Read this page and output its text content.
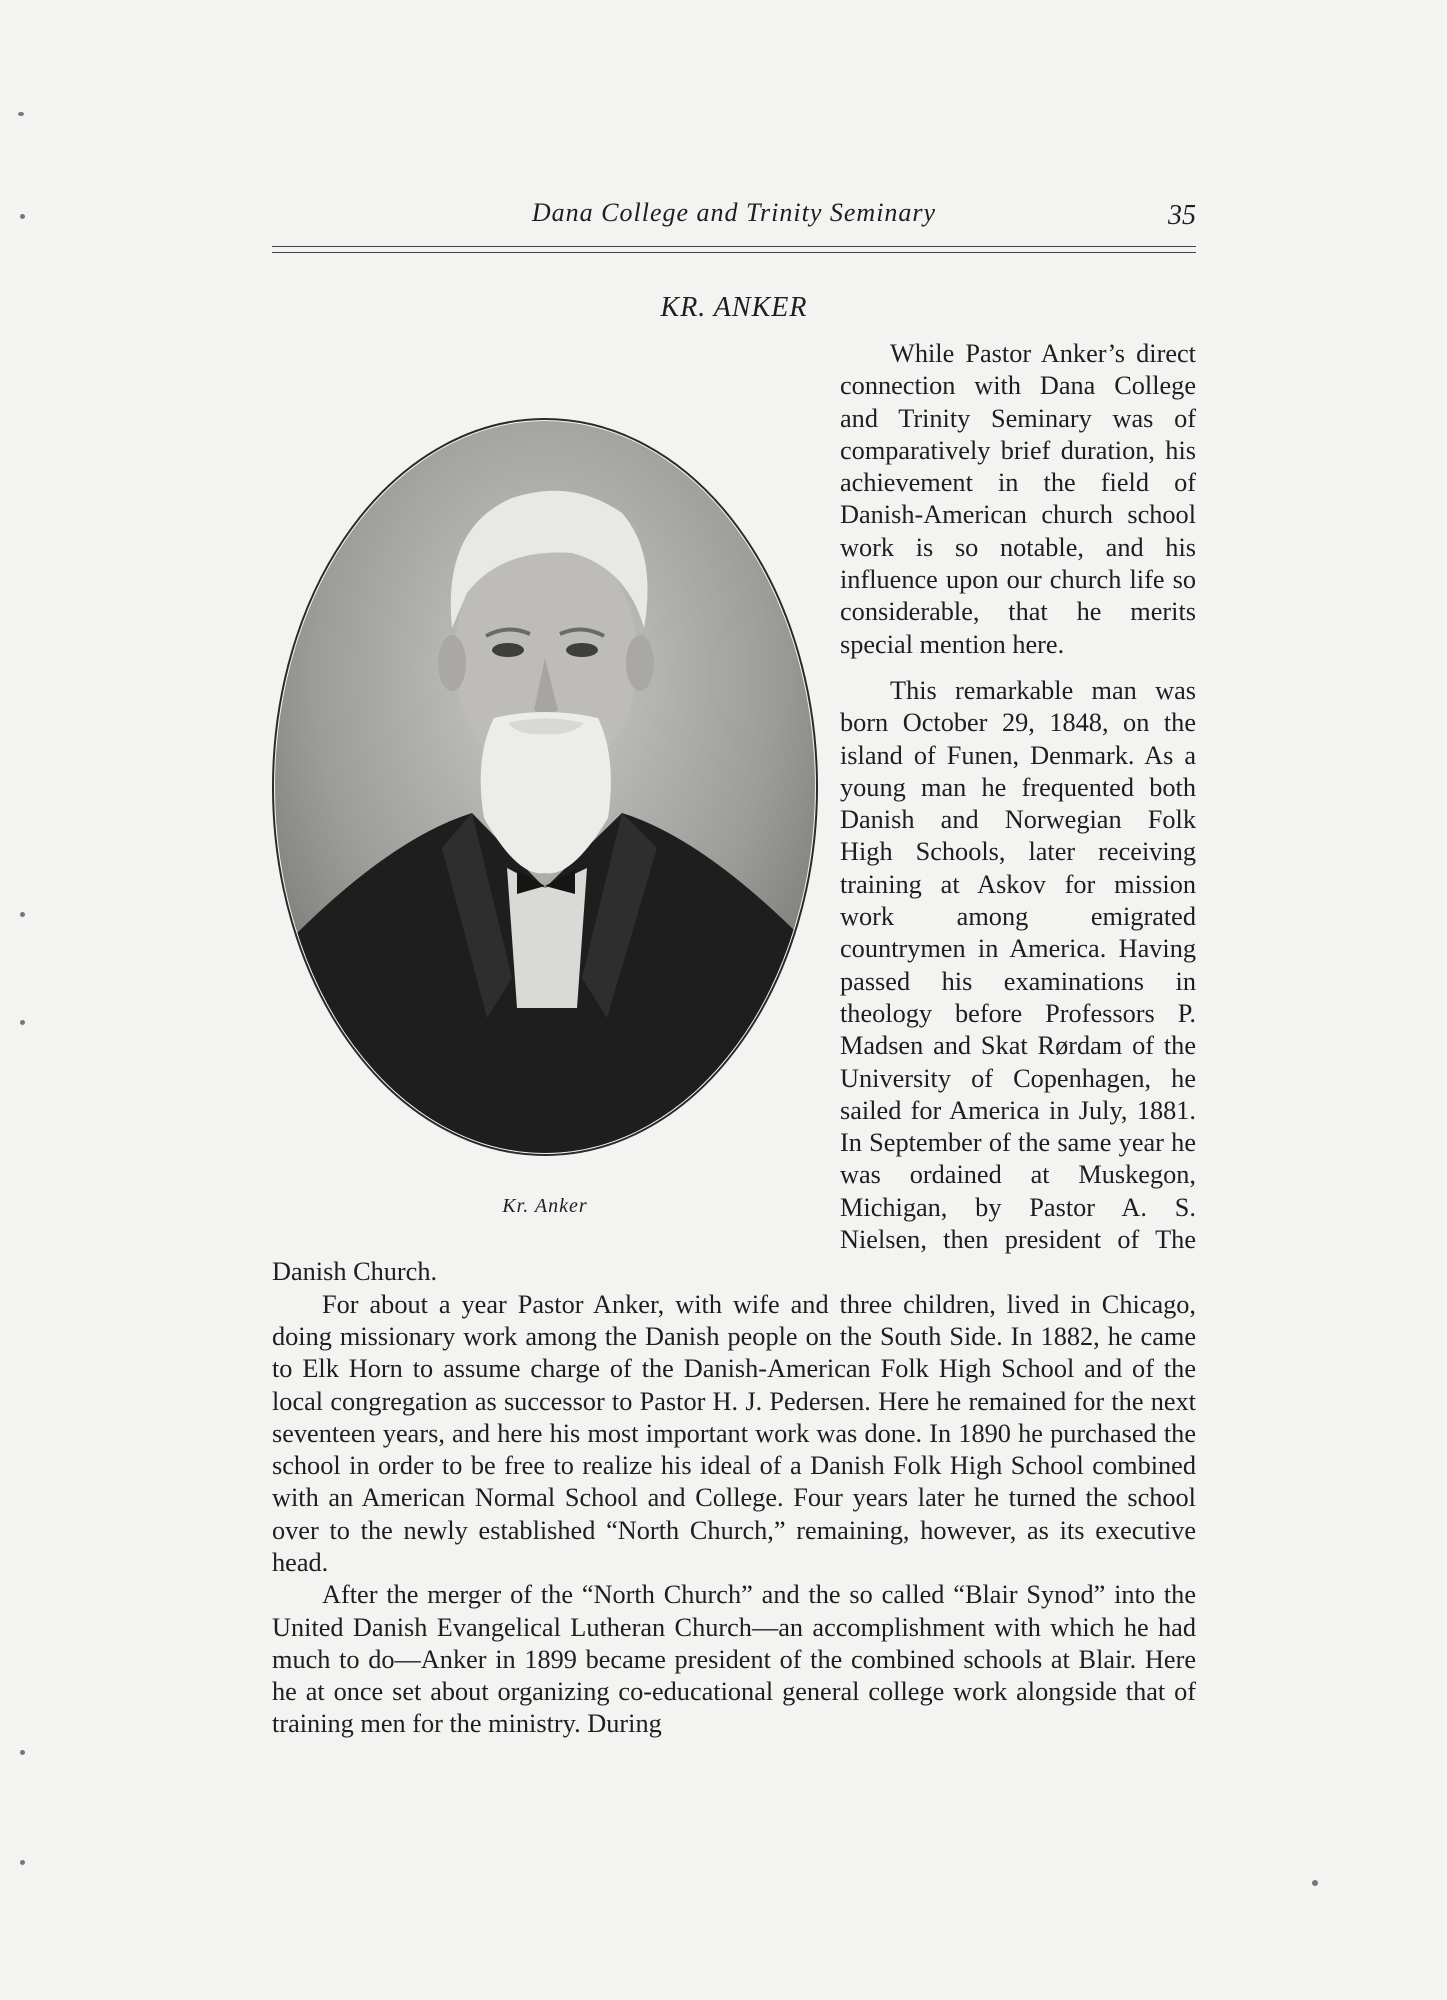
Dana College and Trinity Seminary	35
KR. ANKER
Kr. Anker

While Pastor Anker’s direct connection with Dana College and Trinity Seminary was of comparatively brief duration, his achievement in the field of Danish-American church school work is so notable, and his influence upon our church life so considerable, that he merits special mention here.

This remarkable man was born October 29, 1848, on the island of Funen, Denmark. As a young man he frequented both Danish and Norwegian Folk High Schools, later receiving training at Askov for mission work among emigrated countrymen in America. Having passed his examinations in theology before Professors P. Madsen and Skat Rørdam of the University of Copenhagen, he sailed for America in July, 1881. In September of the same year he was ordained at Muskegon, Michigan, by Pastor A. S. Nielsen, then president of The Danish Church.

For about a year Pastor Anker, with wife and three children, lived in Chicago, doing missionary work among the Danish people on the South Side. In 1882, he came to Elk Horn to assume charge of the Danish-American Folk High School and of the local congregation as successor to Pastor H. J. Pedersen. Here he remained for the next seventeen years, and here his most important work was done. In 1890 he purchased the school in order to be free to realize his ideal of a Danish Folk High School combined with an American Normal School and College. Four years later he turned the school over to the newly established “North Church,” remaining, however, as its executive head.

After the merger of the “North Church” and the so called “Blair Synod” into the United Danish Evangelical Lutheran Church—an accomplishment with which he had much to do—Anker in 1899 became president of the combined schools at Blair. Here he at once set about organizing co-educational general college work alongside that of training men for the ministry. During
